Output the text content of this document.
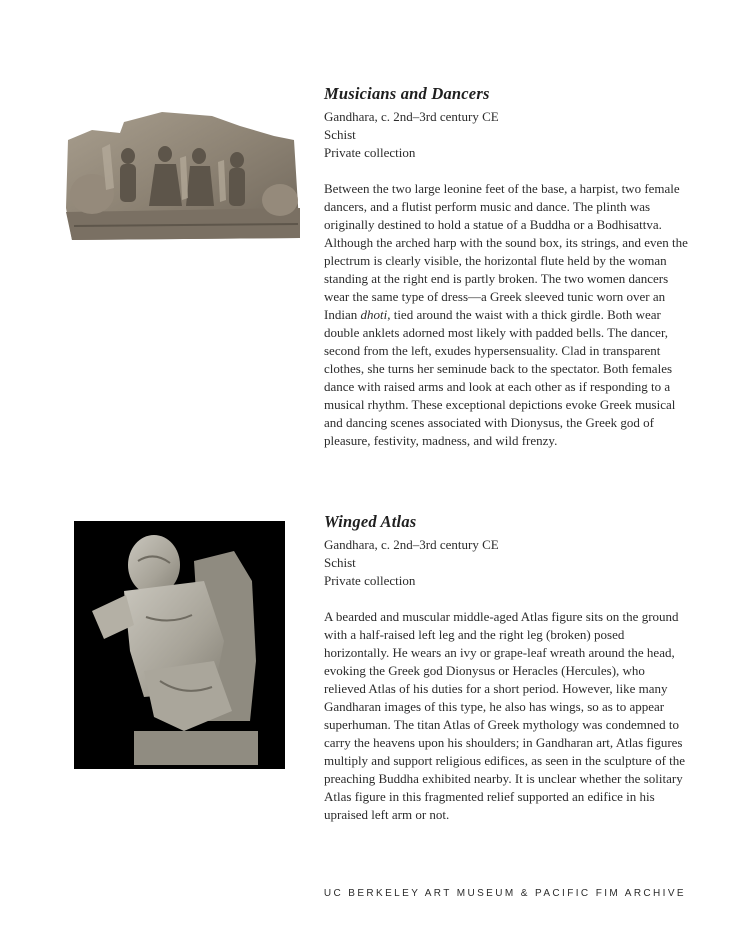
Musicians and Dancers
Gandhara, c. 2nd–3rd century CE
Schist
Private collection

Between the two large leonine feet of the base, a harpist, two female dancers, and a flutist perform music and dance. The plinth was originally destined to hold a statue of a Buddha or a Bodhisattva. Although the arched harp with the sound box, its strings, and even the plectrum is clearly visible, the horizontal flute held by the woman standing at the right end is partly broken. The two women dancers wear the same type of dress—a Greek sleeved tunic worn over an Indian dhoti, tied around the waist with a thick girdle. Both wear double anklets adorned most likely with padded bells. The dancer, second from the left, exudes hypersensuality. Clad in transparent clothes, she turns her seminude back to the spectator. Both females dance with raised arms and look at each other as if responding to a musical rhythm. These exceptional depictions evoke Greek musical and dancing scenes associated with Dionysus, the Greek god of pleasure, festivity, madness, and wild frenzy.

Winged Atlas
Gandhara, c. 2nd–3rd century CE
Schist
Private collection

A bearded and muscular middle-aged Atlas figure sits on the ground with a half-raised left leg and the right leg (broken) posed horizontally. He wears an ivy or grape-leaf wreath around the head, evoking the Greek god Dionysus or Heracles (Hercules), who relieved Atlas of his duties for a short period. However, like many Gandharan images of this type, he also has wings, so as to appear superhuman. The titan Atlas of Greek mythology was condemned to carry the heavens upon his shoulders; in Gandharan art, Atlas figures multiply and support religious edifices, as seen in the sculpture of the preaching Buddha exhibited nearby. It is unclear whether the solitary Atlas figure in this fragmented relief supported an edifice in his upraised left arm or not.

UC BERKELEY ART MUSEUM & PACIFIC FIM ARCHIVE
